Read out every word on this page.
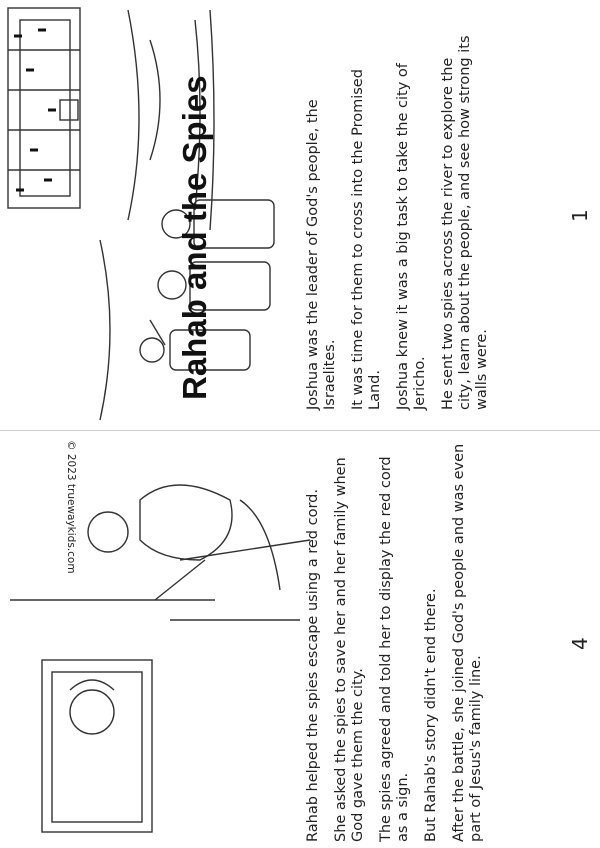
Rahab and the Spies	Joshua was the leader of God's people, the Israelites. It was time for them to cross into the Promised Land. Joshua knew it was a big task to take the city of Jericho. He sent two spies across the river to explore the city, learn about the people, and see how strong its walls were.

Rahab helped the spies escape using a red cord. She asked the spies to save her and her family when God gave them the city. The spies agreed and told her to display the red cord as a sign. But Rahab's story didn't end there. After the battle, she joined God's people and was even part of Jesus's family line.

© 2023 truewaykids.com
1
4
